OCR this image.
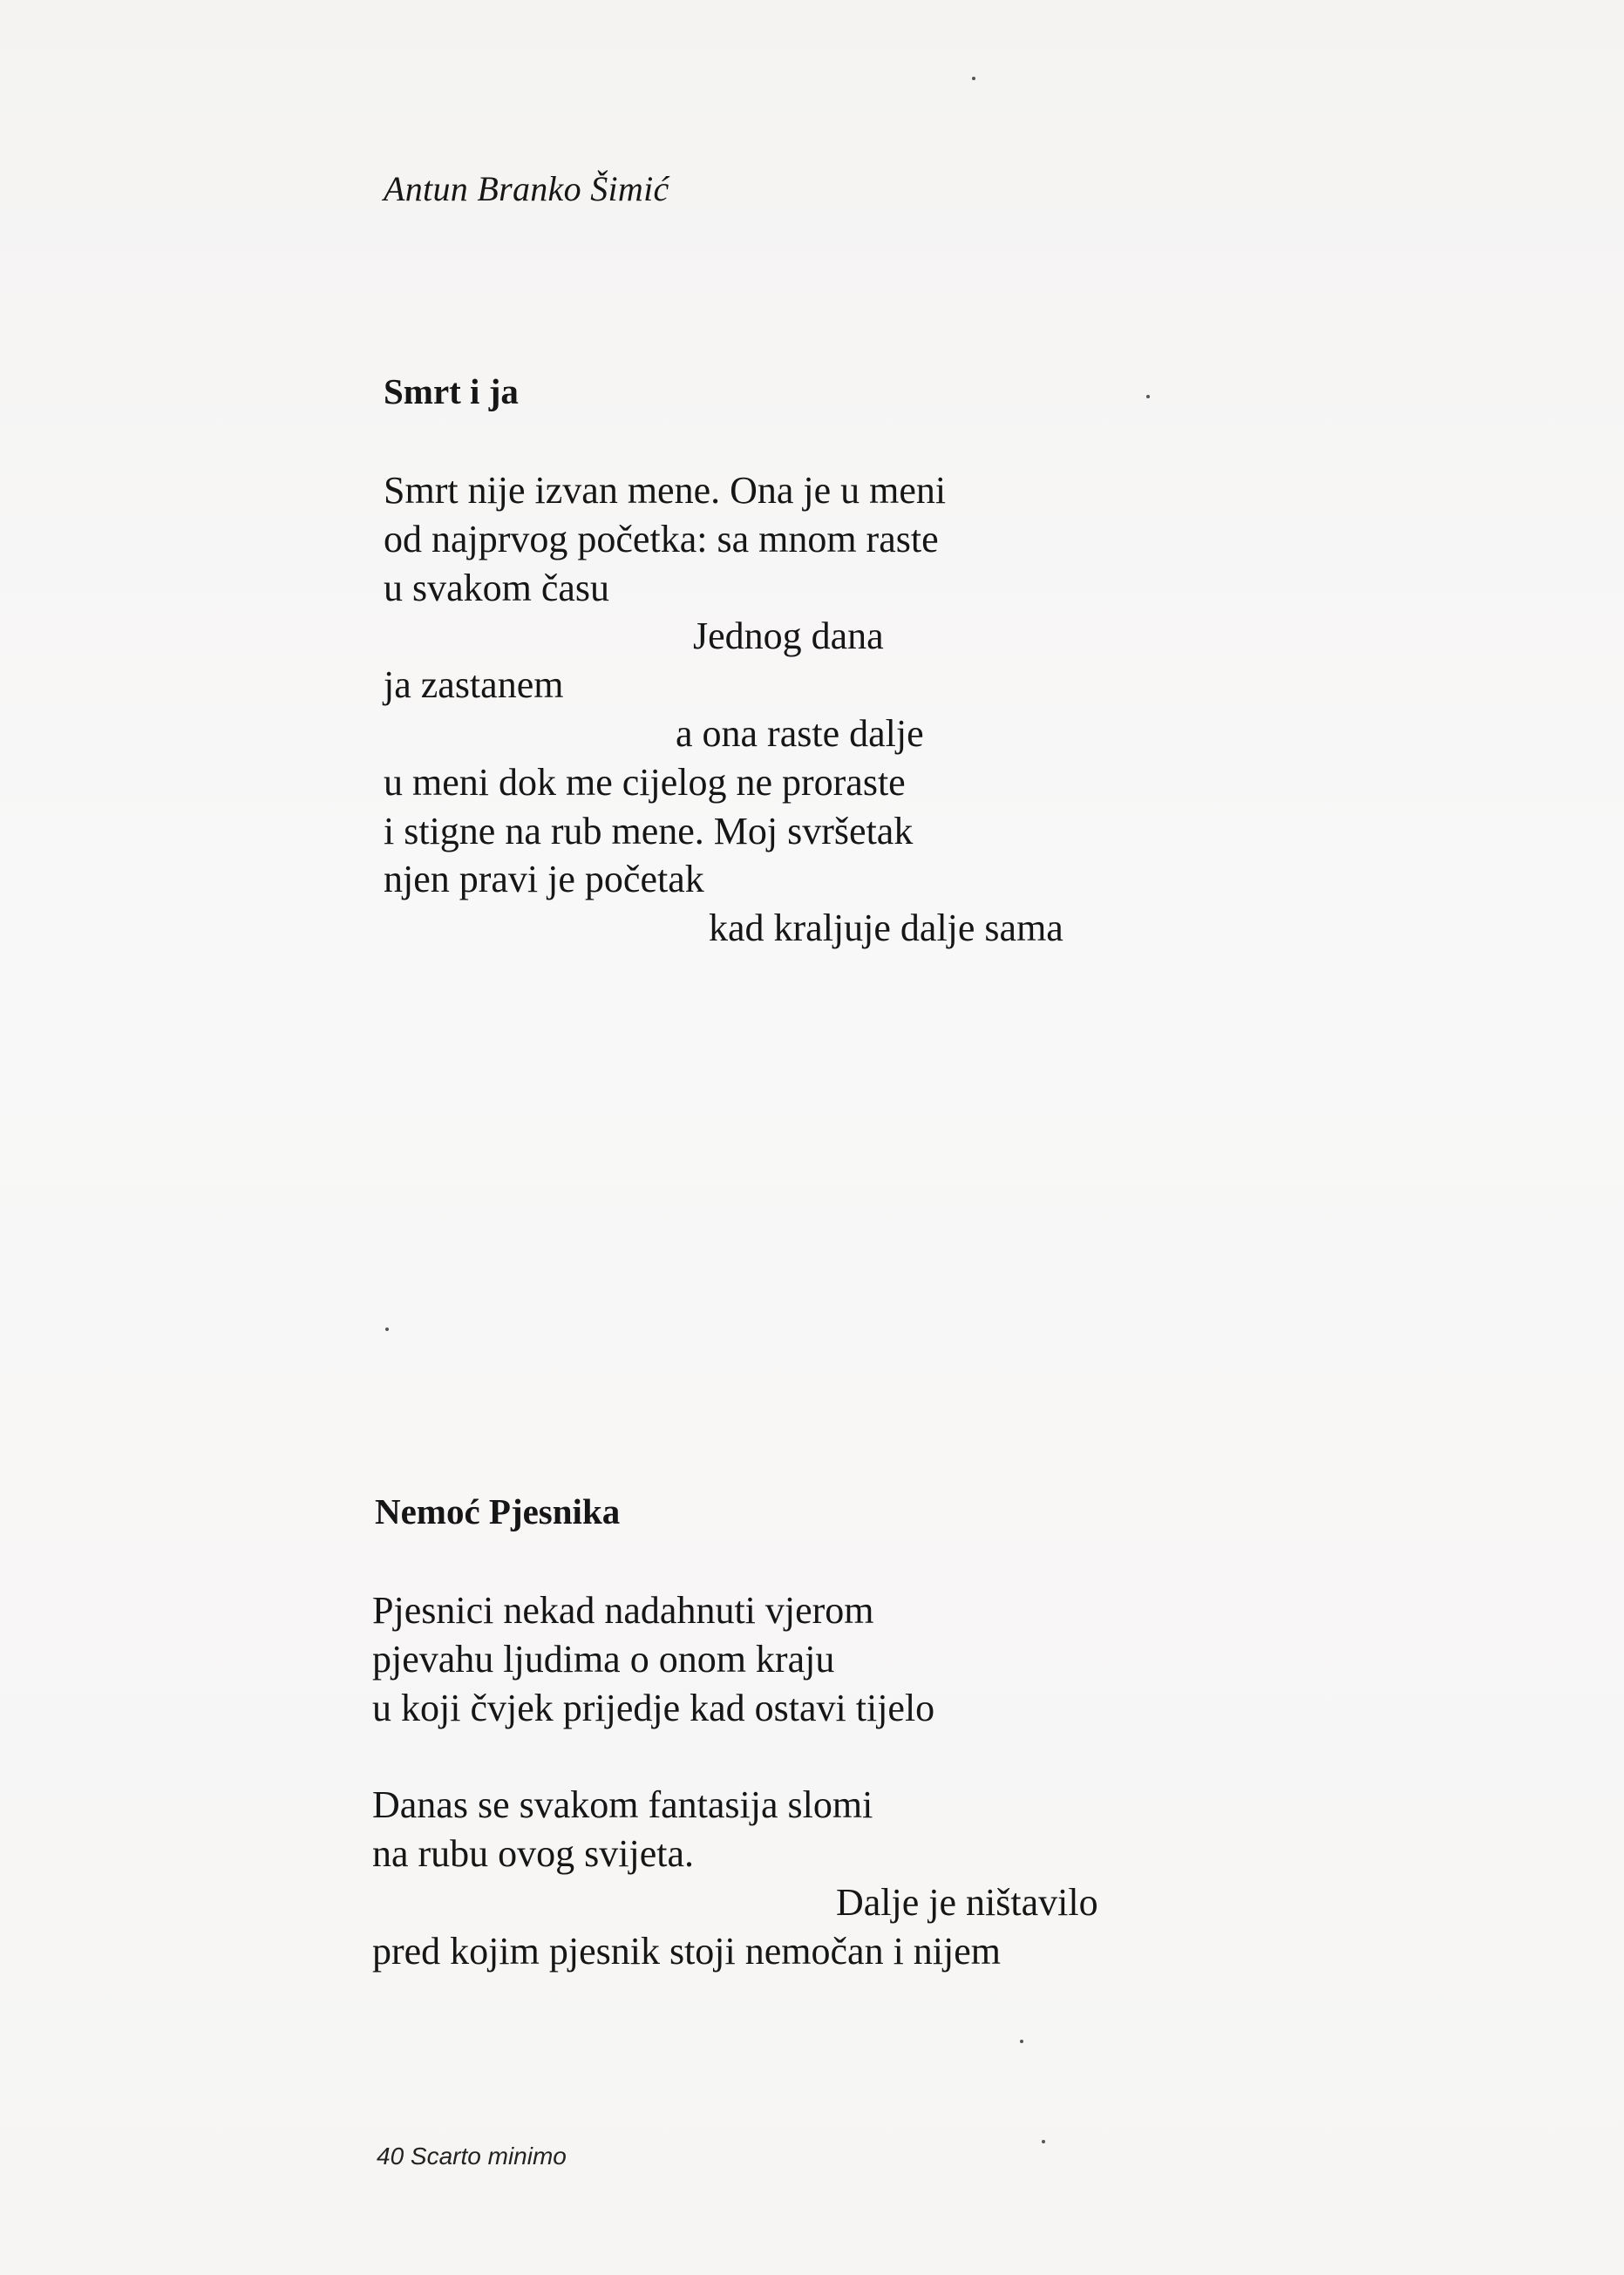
Antun Branko Šimić
Smrt i ja
Smrt nije izvan mene. Ona je u meni
od najprvog početka: sa mnom raste
u svakom času
Jednog dana
ja zastanem
a ona raste dalje
u meni dok me cijelog ne proraste
i stigne na rub mene. Moj svršetak
njen pravi je početak
kad kraljuje dalje sama
Nemoć Pjesnika
Pjesnici nekad nadahnuti vjerom
pjevahu ljudima o onom kraju
u koji čvjek prijedje kad ostavi tijelo
Danas se svakom fantasija slomi
na rubu ovog svijeta.
Dalje je ništavilo
pred kojim pjesnik stoji nemočan i nijem
40 Scarto minimo
